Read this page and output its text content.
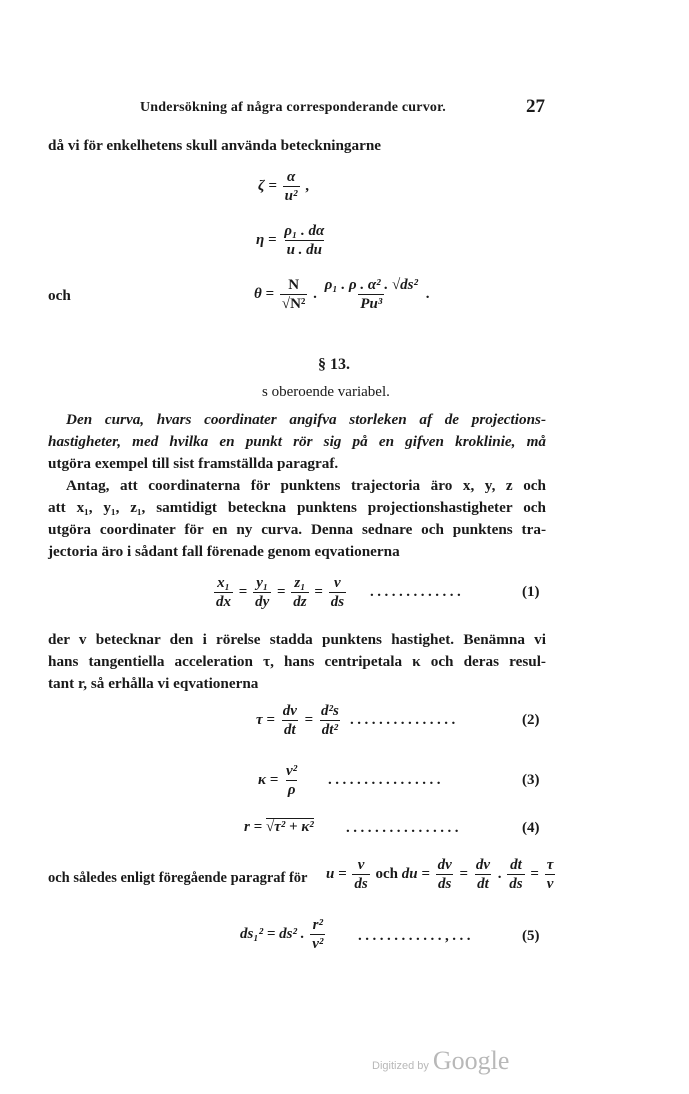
Undersökning af några corresponderande curvor.	27
då vi för enkelhetens skull använda beteckningarne
$\zeta = \frac{\alpha}{\text{u²}}$ ,
$\eta = \frac{\text{ρ₁ . dα}}{u . du}$
och	$\theta = \frac{N}{\text{√N²}}$ . $\frac{\text{ρ₁ . ρ . α² . √ds²}}{\text{Pu³}}$ .
§ 13.
s oberoende variabel.
Den curva, hvars coordinater angifva storleken af de projections-
hastigheter, med hvilka en punkt rör sig på en gifven kroklinie, må
utgöra exempel till sist framställda paragraf.
Antag, att coordinaterna för punktens trajectoria äro x, y, z och
att x₁, y₁, z₁, samtidigt beteckna punktens projectionshastigheter och
utgöra coordinater för en ny curva. Denna sednare och punktens tra-
jectoria äro i sådant fall förenade genom eqvationerna
$\frac{\text{x₁}}{dx} = \frac{\text{y₁}}{dy} = \frac{\text{z₁}}{dz} = \frac{v}{ds}$ .............	(1)
der v betecknar den i rörelse stadda punktens hastighet. Benämna vi
hans tangentiella acceleration τ, hans centripetala κ och deras resul-
tant r, så erhålla vi eqvationerna
$\tau = \frac{dv}{dt} = \frac{\text{d²s}}{\text{dt²}}$ ...............	(2)
$\kappa = \frac{\text{v²}}{\rho}$ ................	(3)
r = √τ² + κ² ................	(4)
och således enligt föregående paragraf för $u = \frac{v}{ds}$ och du = $\frac{dv}{ds} = \frac{dv}{dt}$ . $\frac{dt}{ds} = \frac{\tau}{v}$
ds₁² = ds² . $\frac{\text{r²}}{\text{v²}}$ ............,...	(5)
Digitized by Google
